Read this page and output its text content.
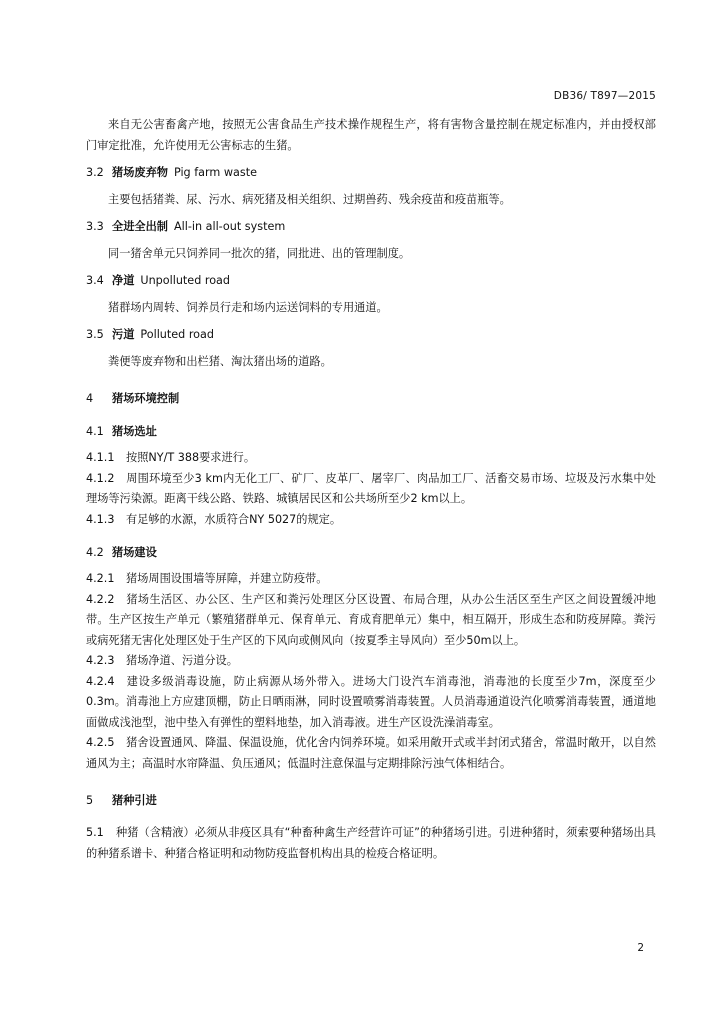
DB36/ T897—2015

来自无公害畜禽产地，按照无公害食品生产技术操作规程生产，将有害物含量控制在规定标准内，并由授权部门审定批准，允许使用无公害标志的生猪。

3.2 猪场废弃物 Pig farm waste

主要包括猪粪、尿、污水、病死猪及相关组织、过期兽药、残余疫苗和疫苗瓶等。

3.3 全进全出制 All-in all-out system

同一猪舍单元只饲养同一批次的猪，同批进、出的管理制度。

3.4 净道 Unpolluted road

猪群场内周转、饲养员行走和场内运送饲料的专用通道。

3.5 污道 Polluted road

粪便等废弃物和出栏猪、淘汰猪出场的道路。

4 猪场环境控制

4.1 猪场选址

4.1.1 按照NY/T 388要求进行。

4.1.2 周围环境至少3 km内无化工厂、矿厂、皮革厂、屠宰厂、肉品加工厂、活畜交易市场、垃圾及污水集中处理场等污染源。距离干线公路、铁路、城镇居民区和公共场所至少2 km以上。

4.1.3 有足够的水源，水质符合NY 5027的规定。

4.2 猪场建设

4.2.1 猪场周围设围墙等屏障，并建立防疫带。

4.2.2 猪场生活区、办公区、生产区和粪污处理区分区设置、布局合理，从办公生活区至生产区之间设置缓冲地带。生产区按生产单元（繁殖猪群单元、保育单元、育成育肥单元）集中，相互隔开，形成生态和防疫屏障。粪污或病死猪无害化处理区处于生产区的下风向或侧风向（按夏季主导风向）至少50m以上。

4.2.3 猪场净道、污道分设。

4.2.4 建设多级消毒设施，防止病源从场外带入。进场大门设汽车消毒池，消毒池的长度至少7m，深度至少0.3m。消毒池上方应建顶棚，防止日晒雨淋，同时设置喷雾消毒装置。人员消毒通道设汽化喷雾消毒装置，通道地面做成浅池型，池中垫入有弹性的塑料地垫，加入消毒液。进生产区设洗澡消毒室。

4.2.5 猪舍设置通风、降温、保温设施，优化舍内饲养环境。如采用敞开式或半封闭式猪舍，常温时敞开，以自然通风为主；高温时水帘降温、负压通风；低温时注意保温与定期排除污浊气体相结合。

5 猪种引进

5.1 种猪（含精液）必须从非疫区具有“种畜种禽生产经营许可证”的种猪场引进。引进种猪时，须索要种猪场出具的种猪系谱卡、种猪合格证明和动物防疫监督机构出具的检疫合格证明。

2
